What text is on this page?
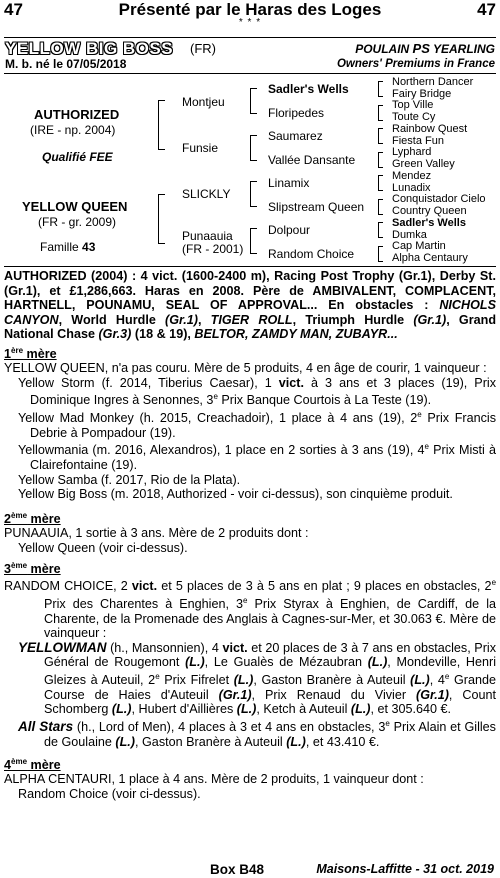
47	Présenté par le Haras des Loges	47
* * *
YELLOW BIG BOSS (FR)	POULAIN PS YEARLING
M. b. né le 07/05/2018	Owners' Premiums in France
AUTHORIZED
(IRE - np. 2004)
Qualifié FEE
YELLOW QUEEN
(FR - gr. 2009)
Famille 43
Montjeu
Funsie
SLICKLY
Punaauia
(FR - 2001)
Sadler's Wells
Floripedes
Saumarez
Vallée Dansante
Linamix
Slipstream Queen
Dolpour
Random Choice
Northern Dancer
Fairy Bridge
Top Ville
Toute Cy
Rainbow Quest
Fiesta Fun
Lyphard
Green Valley
Mendez
Lunadix
Conquistador Cielo
Country Queen
Sadler's Wells
Dumka
Cap Martin
Alpha Centaury
AUTHORIZED (2004) : 4 vict. (1600-2400 m), Racing Post Trophy (Gr.1), Derby St. (Gr.1), et £1,286,663. Haras en 2008. Père de AMBIVALENT, COMPLACENT, HARTNELL, POUNAMU, SEAL OF APPROVAL... En obstacles : NICHOLS CANYON, World Hurdle (Gr.1), TIGER ROLL, Triumph Hurdle (Gr.1), Grand National Chase (Gr.3) (18 & 19), BELTOR, ZAMDY MAN, ZUBAYR...
1ère mère
YELLOW QUEEN, n'a pas couru. Mère de 5 produits, 4 en âge de courir, 1 vainqueur :
Yellow Storm (f. 2014, Tiberius Caesar), 1 vict. à 3 ans et 3 places (19), Prix Dominique Ingres à Senonnes, 3e Prix Banque Courtois à La Teste (19).
Yellow Mad Monkey (h. 2015, Creachadoir), 1 place à 4 ans (19), 2e Prix Francis Debrie à Pompadour (19).
Yellowmania (m. 2016, Alexandros), 1 place en 2 sorties à 3 ans (19), 4e Prix Misti à Clairefontaine (19).
Yellow Samba (f. 2017, Rio de la Plata).
Yellow Big Boss (m. 2018, Authorized - voir ci-dessus), son cinquième produit.
2ème mère
PUNAAUIA, 1 sortie à 3 ans. Mère de 2 produits dont :
Yellow Queen (voir ci-dessus).
3ème mère
RANDOM CHOICE, 2 vict. et 5 places de 3 à 5 ans en plat ; 9 places en obstacles, 2e Prix des Charentes à Enghien, 3e Prix Styrax à Enghien, de Cardiff, de la Charente, de la Promenade des Anglais à Cagnes-sur-Mer, et 30.063 €. Mère de vainqueur :
YELLOWMAN (h., Mansonnien), 4 vict. et 20 places de 3 à 7 ans en obstacles, Prix Général de Rougemont (L.), Le Gualès de Mézaubran (L.), Mondeville, Henri Gleizes à Auteuil, 2e Prix Fifrelet (L.), Gaston Branère à Auteuil (L.), 4e Grande Course de Haies d'Auteuil (Gr.1), Prix Renaud du Vivier (Gr.1), Count Schomberg (L.), Hubert d'Aillières (L.), Ketch à Auteuil (L.), et 305.640 €.
All Stars (h., Lord of Men), 4 places à 3 et 4 ans en obstacles, 3e Prix Alain et Gilles de Goulaine (L.), Gaston Branère à Auteuil (L.), et 43.410 €.
4ème mère
ALPHA CENTAURI, 1 place à 4 ans. Mère de 2 produits, 1 vainqueur dont :
Random Choice (voir ci-dessus).
Box B48	Maisons-Laffitte - 31 oct. 2019
